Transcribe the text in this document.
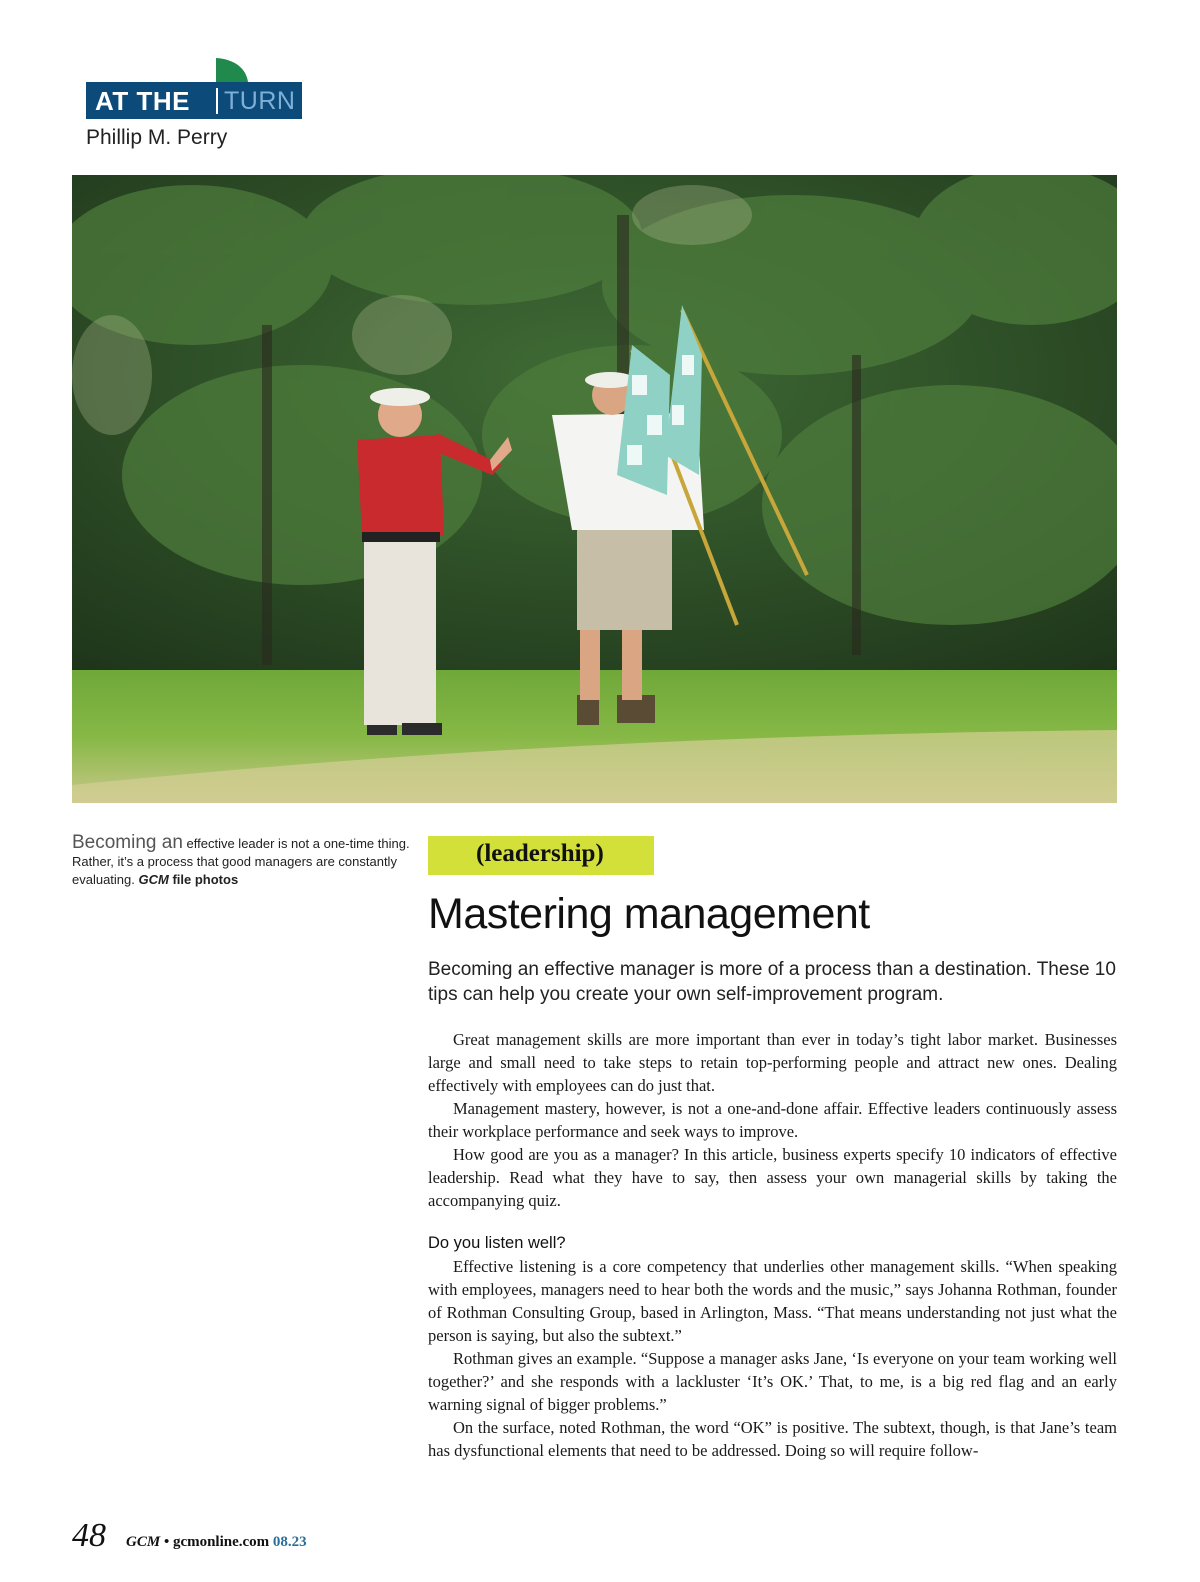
AT THE TURN
Phillip M. Perry
Becoming an effective leader is not a one-time thing. Rather, it’s a process that good managers are constantly evaluating. GCM file photos
(leadership)
Mastering management
Becoming an effective manager is more of a process than a destination. These 10 tips can help you create your own self-improvement program.

Great management skills are more important than ever in today’s tight labor market. Businesses large and small need to take steps to retain top-performing people and attract new ones. Dealing effectively with employees can do just that.

Management mastery, however, is not a one-and-done affair. Effective leaders continuously assess their workplace performance and seek ways to improve.

How good are you as a manager? In this article, business experts specify 10 indicators of effective leadership. Read what they have to say, then assess your own managerial skills by taking the accompanying quiz.

Do you listen well?

Effective listening is a core competency that underlies other management skills. “When speaking with employees, managers need to hear both the words and the music,” says Johanna Rothman, founder of Rothman Consulting Group, based in Arlington, Mass. “That means understanding not just what the person is saying, but also the subtext.”

Rothman gives an example. “Suppose a manager asks Jane, ‘Is everyone on your team working well together?’ and she responds with a lackluster ‘It’s OK.’ That, to me, is a big red flag and an early warning signal of bigger problems.”

On the surface, noted Rothman, the word “OK” is positive. The subtext, though, is that Jane’s team has dysfunctional elements that need to be addressed. Doing so will require follow-

48 GCM • gcmonline.com 08.23
